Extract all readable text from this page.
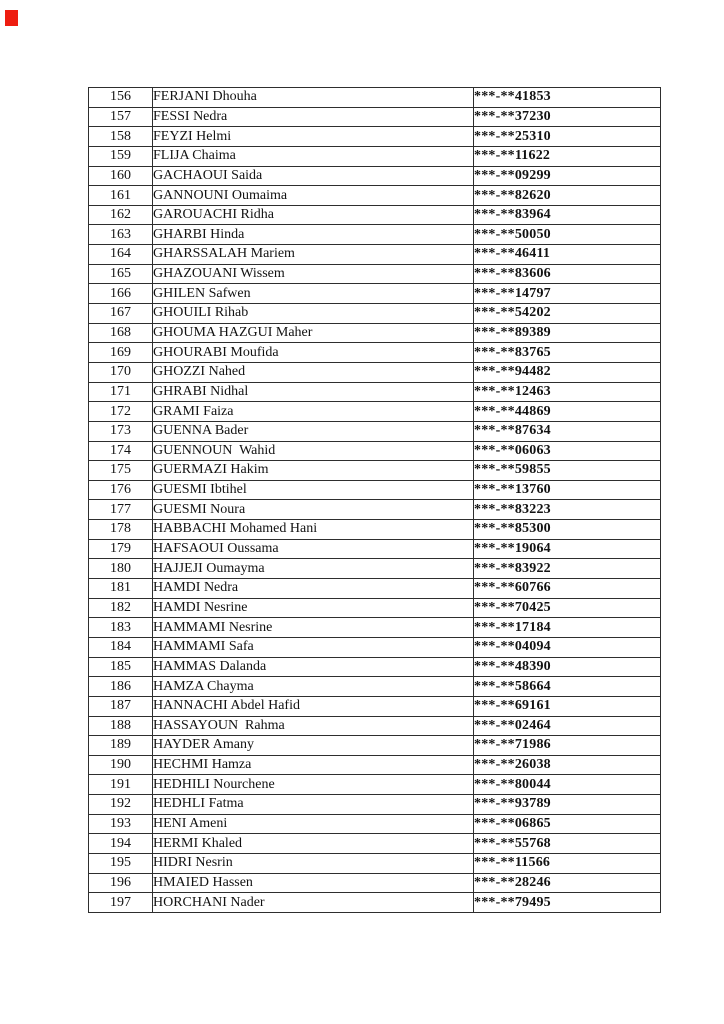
156	FERJANI Dhouha	***-**41853
157	FESSI Nedra	***-**37230
158	FEYZI Helmi	***-**25310
159	FLIJA Chaima	***-**11622
160	GACHAOUI Saida	***-**09299
161	GANNOUNI Oumaima	***-**82620
162	GAROUACHI Ridha	***-**83964
163	GHARBI Hinda	***-**50050
164	GHARSSALAH Mariem	***-**46411
165	GHAZOUANI Wissem	***-**83606
166	GHILEN Safwen	***-**14797
167	GHOUILI Rihab	***-**54202
168	GHOUMA HAZGUI Maher	***-**89389
169	GHOURABI Moufida	***-**83765
170	GHOZZI Nahed	***-**94482
171	GHRABI Nidhal	***-**12463
172	GRAMI Faiza	***-**44869
173	GUENNA Bader	***-**87634
174	GUENNOUN  Wahid	***-**06063
175	GUERMAZI Hakim	***-**59855
176	GUESMI Ibtihel	***-**13760
177	GUESMI Noura	***-**83223
178	HABBACHI Mohamed Hani	***-**85300
179	HAFSAOUI Oussama	***-**19064
180	HAJJEJI Oumayma	***-**83922
181	HAMDI Nedra	***-**60766
182	HAMDI Nesrine	***-**70425
183	HAMMAMI Nesrine	***-**17184
184	HAMMAMI Safa	***-**04094
185	HAMMAS Dalanda	***-**48390
186	HAMZA Chayma	***-**58664
187	HANNACHI Abdel Hafid	***-**69161
188	HASSAYOUN  Rahma	***-**02464
189	HAYDER Amany	***-**71986
190	HECHMI Hamza	***-**26038
191	HEDHILI Nourchene	***-**80044
192	HEDHLI Fatma	***-**93789
193	HENI Ameni	***-**06865
194	HERMI Khaled	***-**55768
195	HIDRI Nesrin	***-**11566
196	HMAIED Hassen	***-**28246
197	HORCHANI Nader	***-**79495
